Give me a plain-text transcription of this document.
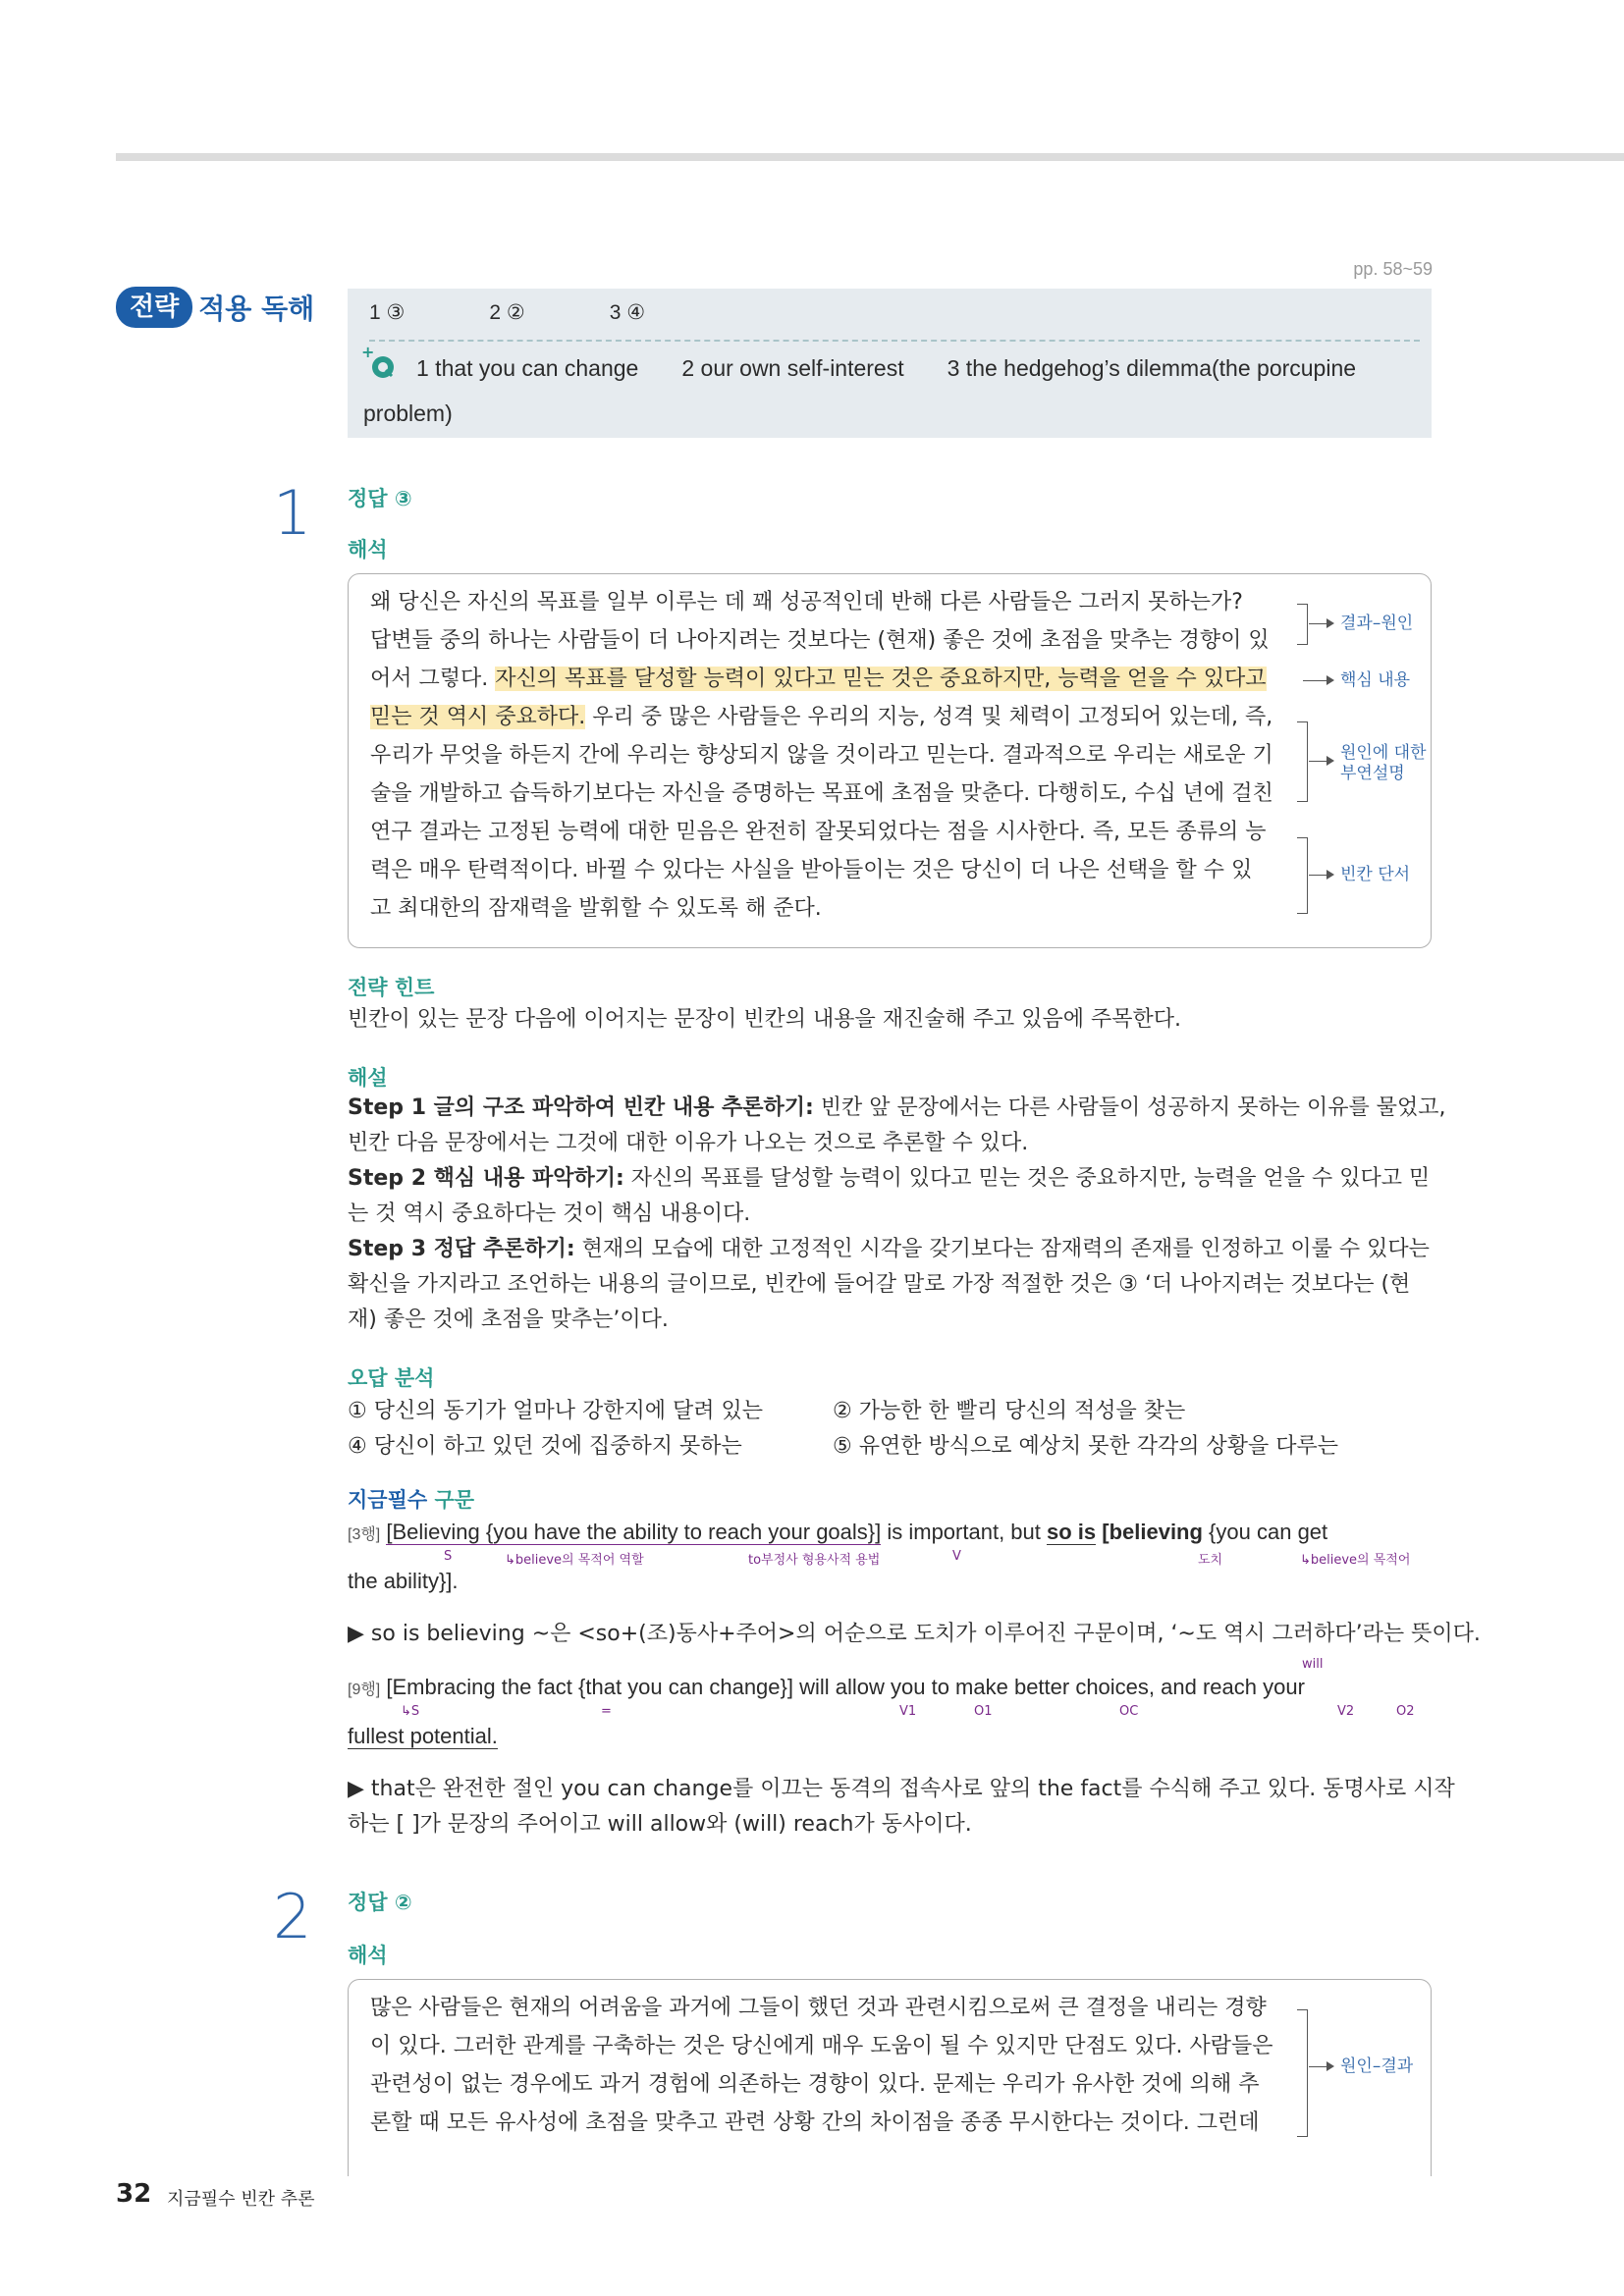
pp. 58~59
전략 적용 독해	1 ③	2 ②	3 ④
+
1 that you can change 2 our own self-interest 3 the hedgehog’s dilemma(the porcupine
problem)
1 정답 ③
해석
왜 당신은 자신의 목표를 일부 이루는 데 꽤 성공적인데 반해 다른 사람들은 그러지 못하는가?
답변들 중의 하나는 사람들이 더 나아지려는 것보다는 (현재) 좋은 것에 초점을 맞추는 경향이 있
어서 그렇다. 자신의 목표를 달성할 능력이 있다고 믿는 것은 중요하지만, 능력을 얻을 수 있다고
믿는 것 역시 중요하다. 우리 중 많은 사람들은 우리의 지능, 성격 및 체력이 고정되어 있는데, 즉,
우리가 무엇을 하든지 간에 우리는 향상되지 않을 것이라고 믿는다. 결과적으로 우리는 새로운 기
술을 개발하고 습득하기보다는 자신을 증명하는 목표에 초점을 맞춘다. 다행히도, 수십 년에 걸친
연구 결과는 고정된 능력에 대한 믿음은 완전히 잘못되었다는 점을 시사한다. 즉, 모든 종류의 능
력은 매우 탄력적이다. 바뀔 수 있다는 사실을 받아들이는 것은 당신이 더 나은 선택을 할 수 있
고 최대한의 잠재력을 발휘할 수 있도록 해 준다.
결과–원인
핵심 내용
원인에 대한
부연설명
빈칸 단서
전략 힌트
빈칸이 있는 문장 다음에 이어지는 문장이 빈칸의 내용을 재진술해 주고 있음에 주목한다.
해설
Step 1 글의 구조 파악하여 빈칸 내용 추론하기: 빈칸 앞 문장에서는 다른 사람들이 성공하지 못하는 이유를 물었고,
빈칸 다음 문장에서는 그것에 대한 이유가 나오는 것으로 추론할 수 있다.
Step 2 핵심 내용 파악하기: 자신의 목표를 달성할 능력이 있다고 믿는 것은 중요하지만, 능력을 얻을 수 있다고 믿
는 것 역시 중요하다는 것이 핵심 내용이다.
Step 3 정답 추론하기: 현재의 모습에 대한 고정적인 시각을 갖기보다는 잠재력의 존재를 인정하고 이룰 수 있다는
확신을 가지라고 조언하는 내용의 글이므로, 빈칸에 들어갈 말로 가장 적절한 것은 ③ ‘더 나아지려는 것보다는 (현
재) 좋은 것에 초점을 맞추는’이다.
오답 분석
① 당신의 동기가 얼마나 강한지에 달려 있는	② 가능한 한 빨리 당신의 적성을 찾는
④ 당신이 하고 있던 것에 집중하지 못하는	⑤ 유연한 방식으로 예상치 못한 각각의 상황을 다루는
지금필수 구문
[3행] [Believing {you have the ability to reach your goals}] is important, but so is [believing {you can get
S	↳believe의 목적어 역할	to부정사 형용사적 용법	V	도치	↳believe의 목적어
the ability}].
▶ so is believing ~은 <so+(조)동사+주어>의 어순으로 도치가 이루어진 구문이며, ‘~도 역시 그러하다’라는 뜻이다.
will
[9행] [Embracing the fact {that you can change}] will allow you to make better choices, and reach your
↳S	=	V1	O1	OC	V2	O2
fullest potential.
▶ that은 완전한 절인 you can change를 이끄는 동격의 접속사로 앞의 the fact를 수식해 주고 있다. 동명사로 시작
하는 [ ]가 문장의 주어이고 will allow와 (will) reach가 동사이다.
2 정답 ②
해석
많은 사람들은 현재의 어려움을 과거에 그들이 했던 것과 관련시킴으로써 큰 결정을 내리는 경향
이 있다. 그러한 관계를 구축하는 것은 당신에게 매우 도움이 될 수 있지만 단점도 있다. 사람들은
관련성이 없는 경우에도 과거 경험에 의존하는 경향이 있다. 문제는 우리가 유사한 것에 의해 추
론할 때 모든 유사성에 초점을 맞추고 관련 상황 간의 차이점을 종종 무시한다는 것이다. 그런데
원인–결과
32 지금필수 빈칸 추론
